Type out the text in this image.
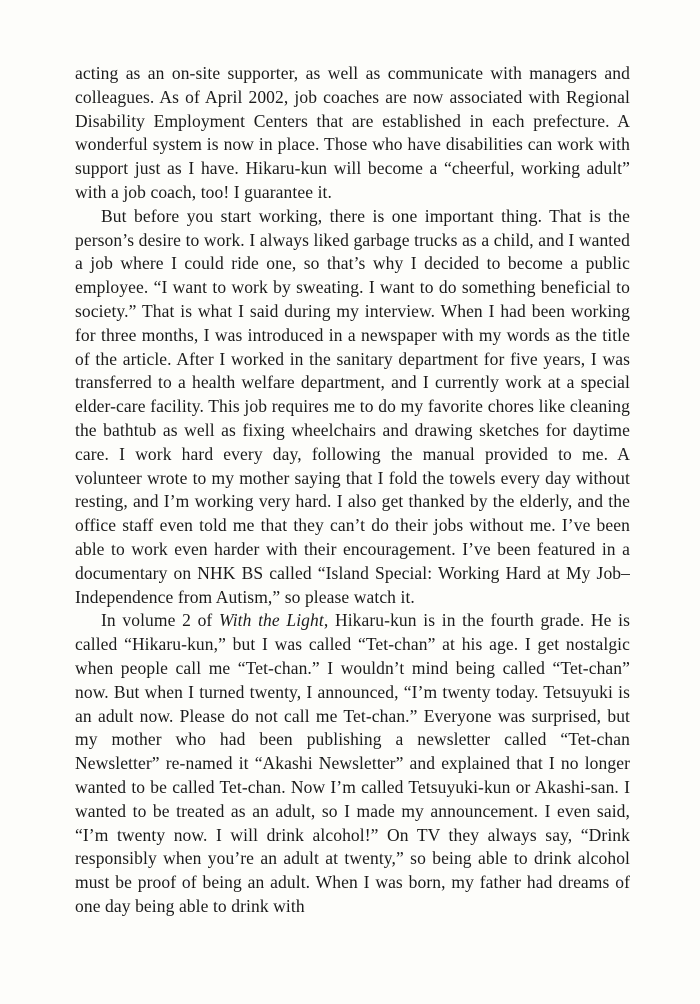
acting as an on-site supporter, as well as communicate with managers and colleagues. As of April 2002, job coaches are now associated with Regional Disability Employment Centers that are established in each prefecture. A wonderful system is now in place. Those who have disabilities can work with support just as I have. Hikaru-kun will become a “cheerful, working adult” with a job coach, too! I guarantee it.

But before you start working, there is one important thing. That is the person’s desire to work. I always liked garbage trucks as a child, and I wanted a job where I could ride one, so that’s why I decided to become a public employee. “I want to work by sweating. I want to do something beneficial to society.” That is what I said during my interview. When I had been working for three months, I was introduced in a newspaper with my words as the title of the article. After I worked in the sanitary department for five years, I was transferred to a health welfare department, and I currently work at a special elder-care facility. This job requires me to do my favorite chores like cleaning the bathtub as well as fixing wheelchairs and drawing sketches for daytime care. I work hard every day, following the manual provided to me. A volunteer wrote to my mother saying that I fold the towels every day without resting, and I’m working very hard. I also get thanked by the elderly, and the office staff even told me that they can’t do their jobs without me. I’ve been able to work even harder with their encouragement. I’ve been featured in a documentary on NHK BS called “Island Special: Working Hard at My Job–Independence from Autism,” so please watch it.

In volume 2 of With the Light, Hikaru-kun is in the fourth grade. He is called “Hikaru-kun,” but I was called “Tet-chan” at his age. I get nostalgic when people call me “Tet-chan.” I wouldn’t mind being called “Tet-chan” now. But when I turned twenty, I announced, “I’m twenty today. Tetsuyuki is an adult now. Please do not call me Tet-chan.” Everyone was surprised, but my mother who had been publishing a newsletter called “Tet-chan Newsletter” re-named it “Akashi Newsletter” and explained that I no longer wanted to be called Tet-chan. Now I’m called Tetsuyuki-kun or Akashi-san. I wanted to be treated as an adult, so I made my announcement. I even said, “I’m twenty now. I will drink alcohol!” On TV they always say, “Drink responsibly when you’re an adult at twenty,” so being able to drink alcohol must be proof of being an adult. When I was born, my father had dreams of one day being able to drink with
